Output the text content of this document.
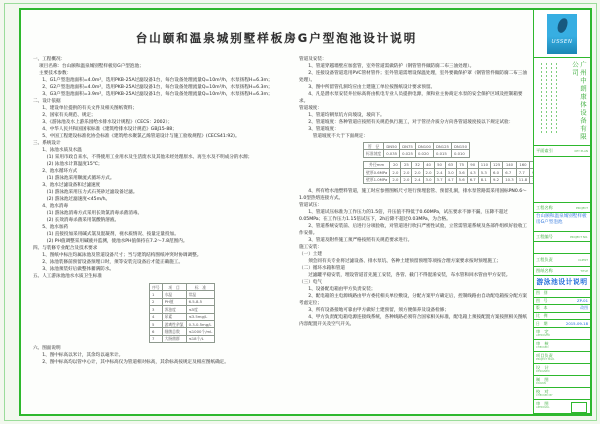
台山颐和温泉城别墅样板房G户型泡池设计说明
一、工程概况：
　 项目名称：台山颐和温泉城别墅样板房G户型泡池；
　 主要技术参数：
　　1、G1户型泡池面积=4.0m²，选用PKB-25A过滤设备1台，每台设备处理流量Q=10m³/h，水泵扬程H=6.3m；
　　2、G2户型泡池面积=4.0m²，选用PKB-25A过滤设备1台，每台设备处理流量Q=10m³/h，水泵扬程H=6.3m；
　　3、G3户型泡池面积=3.9m²，选用PKB-25A过滤设备1台，每台设备处理流量Q=10m³/h，水泵扬程H=6.3m；
二、设计依据
　　1、建设单位提供的有关文件及相关图纸资料；
　　2、国家有关规范、规定；
　　3、《游泳池及水上游乐园给水排水设计规程》（CECS：2002）；
　　4、中华人民共和国国家标准《建筑给排水设计规范》GBJ15-88；
　　5、中国工程建设标准化协会标准《建筑给水聚氯乙烯管道设计与施工验收规程》(CECS41:92)。
三、系统设计
　　1、泳池水质及水温
　　　(1) 采用市政自来水，不得使用工业用水及生活废水及其他未经处理原水、再生水及不明成分的水源；
　　　(2) 泳池水计算温度15℃；
　　2、池水循环方式
　　　(1) 游泳池采用顺流式循环方式。
　　3、池水过滤设备和过滤速度
　　　(1) 游泳池采用压力式石英砂过滤设备过滤。
　　　(2) 游泳池过滤速度<45m/h。
　　4、池水消毒
　　　(1) 游泳池消毒方式采用长效氯消毒杀菌消毒。
　　　(2) 长效消毒杀菌采用氯酸钠溶液。
　　5、池水加药
　　　(1) 直接投加采用碱式氯及混凝剂，视水质情况、按量定量投加。
　　　(2) PH值调整采用碱液并监测，使池水PH值保持在7.2～7.8范围内。
四、与装修专业配合及技术要求
　　1、图纸中标注均属泳池及管道设备尺寸；当与建筑结构图纸冲突时协调调整。
　　2、泳池装修前预留设备预埋口时，须等安装完设备后才能正确施工。
　　3、泳池须装好后做整体蓄满防水。
五、人工游泳池池水水质卫生标准
序号	项　目	标　准
1	水温	常温
2	PH值	6.5-8.5
3	浑浊度	≤5度
4	尿素	≤3.5mg/L
5	游离性余氯	0.3-0.5mg/L
6	细菌总数	≤1000个/mL
7	大肠菌群	≤18个/L
六、图面说明
　　1、图中标高以米计，其余均以毫米计。
　　2、图中标高均以管中心计，其中标高仅为管道相对标高，其余标高按规定及相应图纸确定。
管道及安装：
　　1、管道穿越墙壁应加套管，室外管道需做防护（钢管管件做防腐二布三油处理）。
　　2、连接设备管道选用PVC管材管件；室外管道需增设保温处理，室外要做保护罩（钢管管件做防腐二布三油处理）。
　　3、图中所留管孔洞均应由土建施工单位按图纸设计要求预留。
　　4、凡是潜水泵安装井位标高将由机电专业人员提供电源，须和业主协商定水泵的安全保护区域及控制箱要求。
管道坡度：
　　1、管道均朝泵坑方向坡设，坡向下。
　　2、管道坡度：各种管道应按照有关规范执行施工，对于管径介质分方向各管道坡度按以下规定试验：
　　3、管道坡度：
　　　管道坡度不大于下面规定：
管　径	DN50	DN75	DN100	DN125	DN150
标准坡度	0.035	0.025	0.020	0.015	0.010
外径mm	20	25	32	40	50	63	75	90	110	125	140	160	
壁厚0.6MPa	2.0	2.0	2.0	2.0	2.4	3.0	3.6	4.3	5.3	6.0	6.7	7.7	
壁厚1.0MPa	2.0	2.0	2.4	3.0	3.7	4.7	5.6	6.7	8.1	9.2	10.3	11.8	
　　4、所有给水池塑料管道，施工时应参照图纸尺寸进行预埋套管、预留孔洞，排水泵管路需采用国标PN0.6～1.0型热熔连接方式。
管道试压：
　　1、管道试压标准为工作压力的1.5倍，升压值不得低于0.60MPa，试压要求不渗不漏，压降不超过0.05MPa；在工作压力1.15倍试压下，2h后降不超过0.03MPa，为合格。
　　2、管道系统安装前、后进行分项验收，对管道进行吹扫严密性试验，立管需管道系统及各部件组织好验收工作安排。
　　3、管道及附件施工须严格按照有关规范要求进行。
施工安装：
（一）土建
　　须会同有关专业将过滤设备、排水泵坑、各种土建预留预埋等项按合理方案要求按时预埋施工；
（二）循环水箱和管道
　　过滤罐平稳安装，埋设管道首先施工安装，各管、截门不得混淆安装，布水管和回水管由甲方安装。
（三）电气
　　1、设备配电箱由甲方负责安装；
　　2、配电箱的主电源线路由甲方委托相关单位敷设，分配方案甲方确定后，控制线路由自动配电箱按分配方案考虑定位；
　　3、所有设备接地可靠由甲方做好土建预留，须方便保养及设备检修；
　　4、甲方负责配电箱电源连接线系统，各种线路必须符合国家相关标准，配电箱上须按配置方案按照相关图纸内容配置开关及空气开关。
USSEN
广州中朗康体设备有限公司
平面索引	KEY PLAN
工程名称	PROJECT
台山颐和温泉城别墅样板房G户型泡池
工程编号	PROJECT NO.
工程负责	CLIENT
图纸名称	TITLE
游泳池设计说明
图　别
图　号	ZP-01
版　本	改图
比　例
日　期	2015-09-18
审　定
APPROVED
审　核
CHECKED
项目负责
PROJECT MGR.
设　计
DESIGNED
制　图
DRAWN
校　对
CHECKED BY
审　图
APPROVAL
